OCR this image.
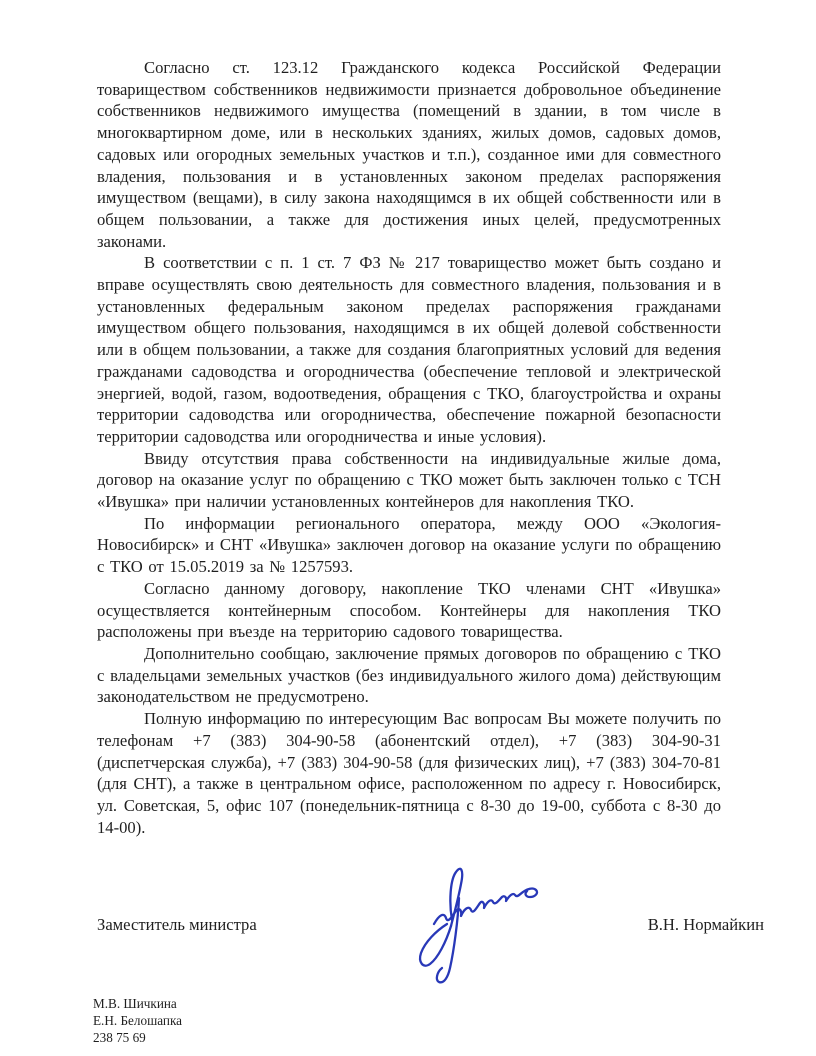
Согласно ст. 123.12 Гражданского кодекса Российской Федерации товариществом собственников недвижимости признается добровольное объединение собственников недвижимого имущества (помещений в здании, в том числе в многоквартирном доме, или в нескольких зданиях, жилых домов, садовых домов, садовых или огородных земельных участков и т.п.), созданное ими для совместного владения, пользования и в установленных законом пределах распоряжения имуществом (вещами), в силу закона находящимся в их общей собственности или в общем пользовании, а также для достижения иных целей, предусмотренных законами.

В соответствии с п. 1 ст. 7 ФЗ № 217 товарищество может быть создано и вправе осуществлять свою деятельность для совместного владения, пользования и в установленных федеральным законом пределах распоряжения гражданами имуществом общего пользования, находящимся в их общей долевой собственности или в общем пользовании, а также для создания благоприятных условий для ведения гражданами садоводства и огородничества (обеспечение тепловой и электрической энергией, водой, газом, водоотведения, обращения с ТКО, благоустройства и охраны территории садоводства или огородничества, обеспечение пожарной безопасности территории садоводства или огородничества и иные условия).

Ввиду отсутствия права собственности на индивидуальные жилые дома, договор на оказание услуг по обращению с ТКО может быть заключен только с ТСН «Ивушка» при наличии установленных контейнеров для накопления ТКО.

По информации регионального оператора, между ООО «Экология-Новосибирск» и СНТ «Ивушка» заключен договор на оказание услуги по обращению с ТКО от 15.05.2019 за № 1257593.

Согласно данному договору, накопление ТКО членами СНТ «Ивушка» осуществляется контейнерным способом. Контейнеры для накопления ТКО расположены при въезде на территорию садового товарищества.

Дополнительно сообщаю, заключение прямых договоров по обращению с ТКО с владельцами земельных участков (без индивидуального жилого дома) действующим законодательством не предусмотрено.

Полную информацию по интересующим Вас вопросам Вы можете получить по телефонам +7 (383) 304-90-58 (абонентский отдел), +7 (383) 304-90-31 (диспетчерская служба), +7 (383) 304-90-58 (для физических лиц), +7 (383) 304-70-81 (для СНТ), а также в центральном офисе, расположенном по адресу г. Новосибирск, ул. Советская, 5, офис 107 (понедельник-пятница с 8-30 до 19-00, суббота с 8-30 до 14-00).

Заместитель министра	В.Н. Нормайкин
М.В. Шичкина
Е.Н. Белошапка
238 75 69
